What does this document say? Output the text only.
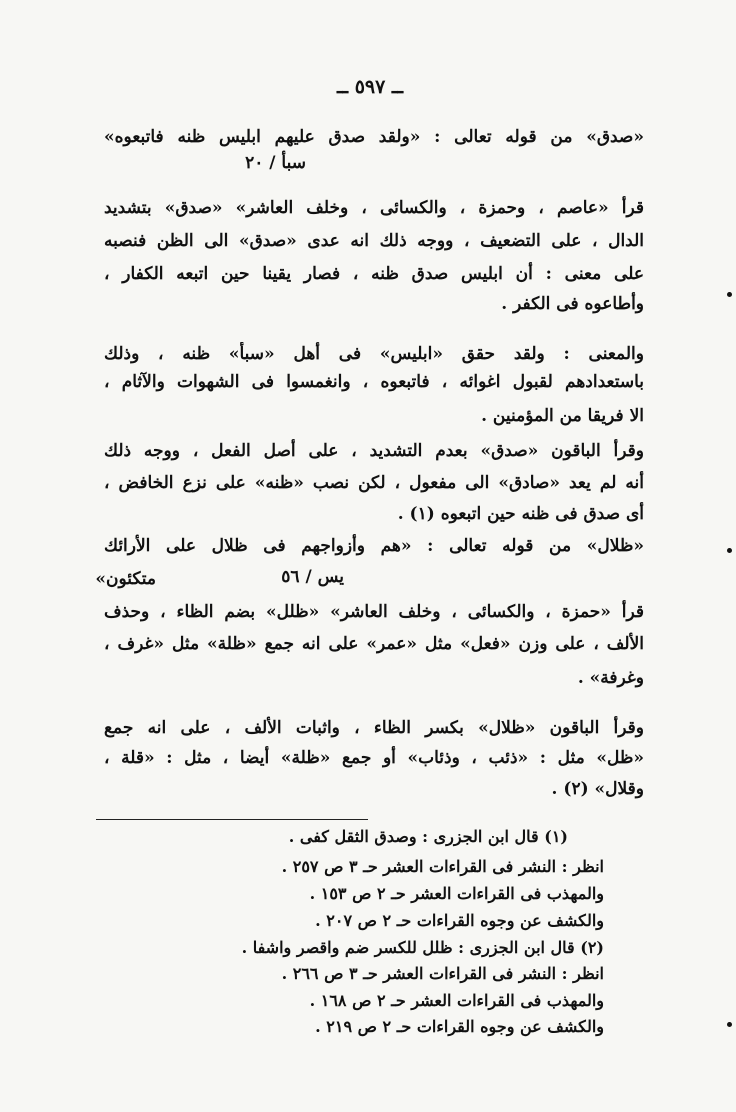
ــ ٥٩٧ ــ
«صدق» من قوله تعالى : «ولقد صدق عليهم ابليس ظنه فاتبعوه»
سبأ / ٢٠
قرأ «عاصم ، وحمزة ، والكسائى ، وخلف العاشر» «صدق» بتشديد
الدال ، على التضعيف ، ووجه ذلك انه عدى «صدق» الى الظن فنصبه
على معنى : أن ابليس صدق ظنه ، فصار يقينا حين اتبعه الكفار ،
وأطاعوه فى الكفر .
والمعنى : ولقد حقق «ابليس» فى أهل «سبأ» ظنه ، وذلك
باستعدادهم لقبول اغوائه ، فاتبعوه ، وانغمسوا فى الشهوات والآثام ،
الا فريقا من المؤمنين .
وقرأ الباقون «صدق» بعدم التشديد ، على أصل الفعل ، ووجه ذلك
أنه لم يعد «صادق» الى مفعول ، لكن نصب «ظنه» على نزع الخافض ،
أى صدق فى ظنه حين اتبعوه (١) .
«ظلال» من قوله تعالى : «هم وأزواجهم فى ظلال على الأرائك
متكئون»	يس / ٥٦
قرأ «حمزة ، والكسائى ، وخلف العاشر» «ظلل» بضم الظاء ، وحذف
الألف ، على وزن «فعل» مثل «عمر» على انه جمع «ظلة» مثل «غرف ،
وغرفة» .
وقرأ الباقون «ظلال» بكسر الظاء ، واثبات الألف ، على انه جمع
«ظل» مثل : «ذئب ، وذئاب» أو جمع «ظلة» أيضا ، مثل : «قلة ،
وقلال» (٢) .
(١) قال ابن الجزرى : وصدق الثقل كفى .
انظر : النشر فى القراءات العشر حـ ٣ ص ٢٥٧ .
والمهذب فى القراءات العشر حـ ٢ ص ١٥٣ .
والكشف عن وجوه القراءات حـ ٢ ص ٢٠٧ .
(٢) قال ابن الجزرى : ظلل للكسر ضم واقصر واشفا .
انظر : النشر فى القراءات العشر حـ ٣ ص ٢٦٦ .
والمهذب فى القراءات العشر حـ ٢ ص ١٦٨ .
والكشف عن وجوه القراءات حـ ٢ ص ٢١٩ .
